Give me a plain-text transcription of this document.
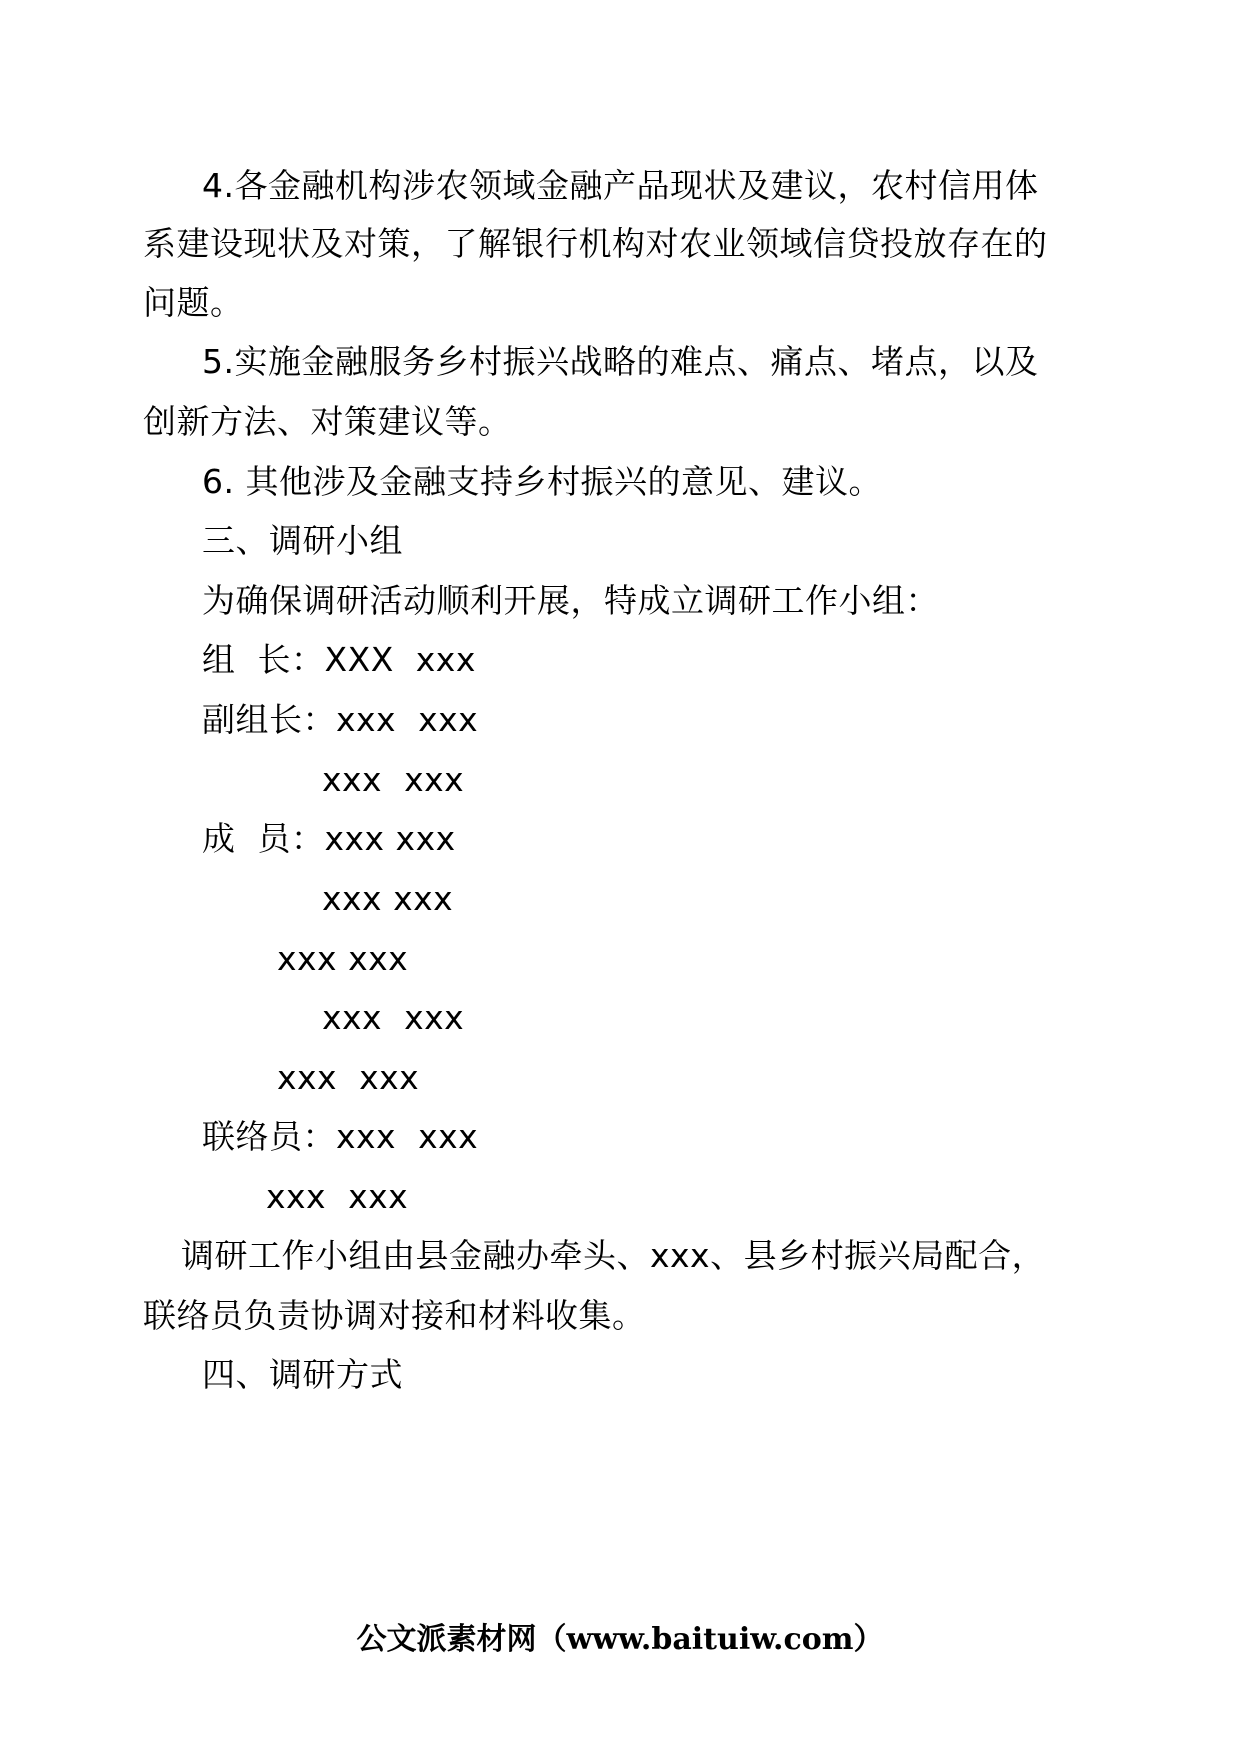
4.各金融机构涉农领域金融产品现状及建议，农村信用体
系建设现状及对策，了解银行机构对农业领域信贷投放存在的
问题。
5.实施金融服务乡村振兴战略的难点、痛点、堵点，以及
创新方法、对策建议等。
6. 其他涉及金融支持乡村振兴的意见、建议。
三、调研小组
为确保调研活动顺利开展，特成立调研工作小组：
组  长：XXX  xxx
副组长：xxx  xxx
xxx  xxx
成  员：xxx xxx
xxx xxx
xxx xxx
xxx  xxx
xxx  xxx
联络员：xxx  xxx
xxx  xxx
调研工作小组由县金融办牵头、xxx、县乡村振兴局配合，
联络员负责协调对接和材料收集。
四、调研方式
公文派素材网（www.baituiw.com）
